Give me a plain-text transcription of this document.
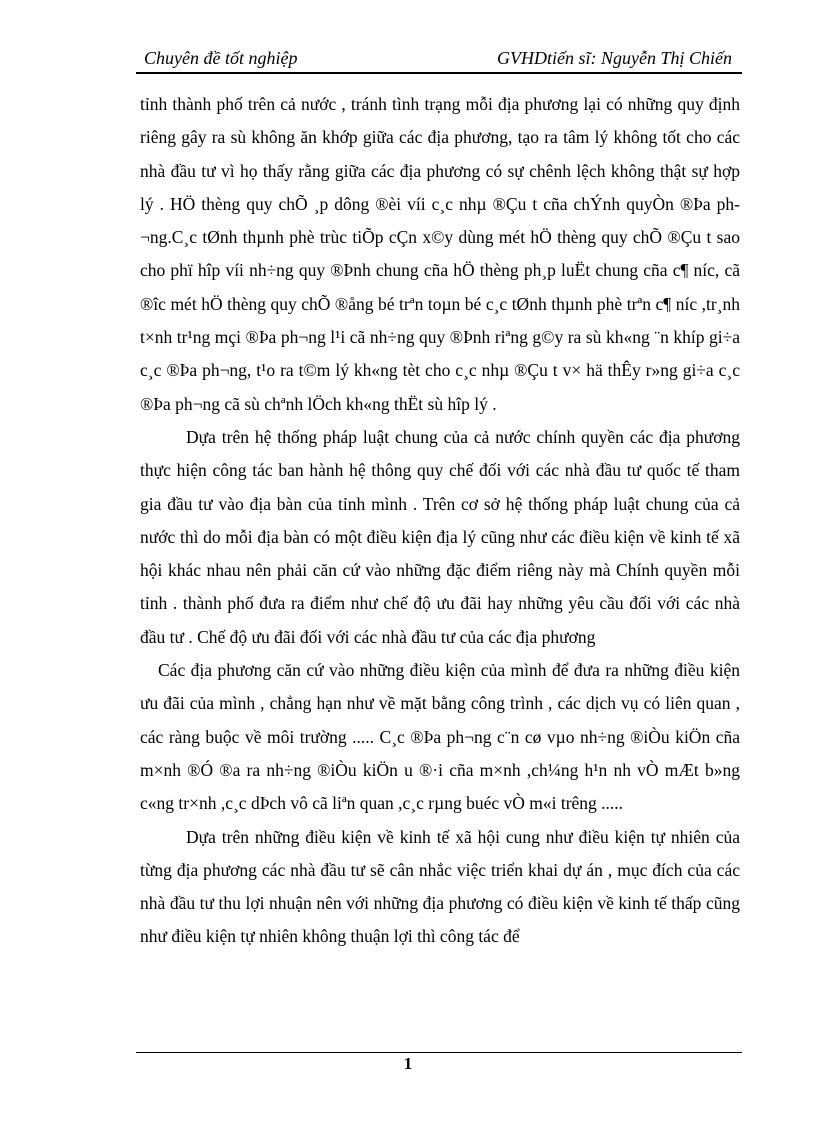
Chuyên đề tốt nghiệp	GVHDtiến sĩ: Nguyễn Thị Chiến

tỉnh thành phố trên cả nước , tránh tình trạng mỗi địa phương lại có những quy định riêng gây ra sù không ăn khớp giữa các địa phương, tạo ra tâm lý không tốt cho các nhà đầu tư vì họ thấy rằng giữa các địa phương có sự chênh lệch không thật sự hợp lý . HÖ thèng quy chÕ ¸p dông ®èi víi c¸c nhµ ®Çu t cña chÝnh quyÒn ®Þa ph¬ng.C¸c tØnh thµnh phè trùc tiÕp cÇn x©y dùng mét hÖ thèng quy chÕ ®Çu t sao cho phï hîp víi nh÷ng quy ®Þnh chung cña hÖ thèng ph¸p luËt chung cña c¶ níc, cã ®îc mét hÖ thèng quy chÕ ®ång bé trªn toµn bé c¸c tØnh thµnh phè trªn c¶ níc ,tr¸nh t×nh tr¹ng mçi ®Þa ph¬ng l¹i cã nh÷ng quy ®Þnh riªng g©y ra sù kh«ng ¨n khíp gi÷a c¸c ®Þa ph¬ng, t¹o ra t©m lý kh«ng tèt cho c¸c nhµ ®Çu t v× hä thÊy r»ng gi÷a c¸c ®Þa ph¬ng cã sù chªnh lÖch kh«ng thËt sù hîp lý .

Dựa trên hệ thống pháp luật chung của cả nước chính quyền các địa phương thực hiện công tác ban hành hệ thông quy chế đối với các nhà đầu tư quốc tế tham gia đầu tư vào địa bàn của tỉnh mình . Trên cơ sở hệ thống pháp luật chung của cả nước thì do mỗi địa bàn có một điều kiện địa lý cũng như các điều kiện về kinh tế xã hội khác nhau nên phải căn cứ vào những đặc điểm riêng này mà Chính quyền mỗi tỉnh . thành phố đưa ra điểm như chế độ ưu đãi hay những yêu cầu đối với các nhà đầu tư . Chế độ ưu đãi đối với các nhà đầu tư của các địa phương

Các địa phương căn cứ vào những điều kiện của mình để đưa ra những điều kiện ưu đãi của mình , chẳng hạn như về mặt bằng công trình , các dịch vụ có liên quan , các ràng buộc về môi trường ..... C¸c ®Þa ph¬ng c¨n cø vµo nh÷ng ®iÒu kiÖn cña m×nh ®Ó ®a ra nh÷ng ®iÒu kiÖn u ®·i cña m×nh ,ch¼ng h¹n nh vÒ mÆt b»ng c«ng tr×nh ,c¸c dÞch vô cã liªn quan ,c¸c rµng buéc vÒ m«i trêng .....

Dựa trên những điều kiện về kinh tế xã hội cung như điều kiện tự nhiên của từng địa phương các nhà đầu tư sẽ cân nhắc việc triển khai dự án , mục đích của các nhà đầu tư thu lợi nhuận nên với những địa phương có điều kiện về kinh tế thấp cũng như điều kiện tự nhiên không thuận lợi thì công tác để

1
